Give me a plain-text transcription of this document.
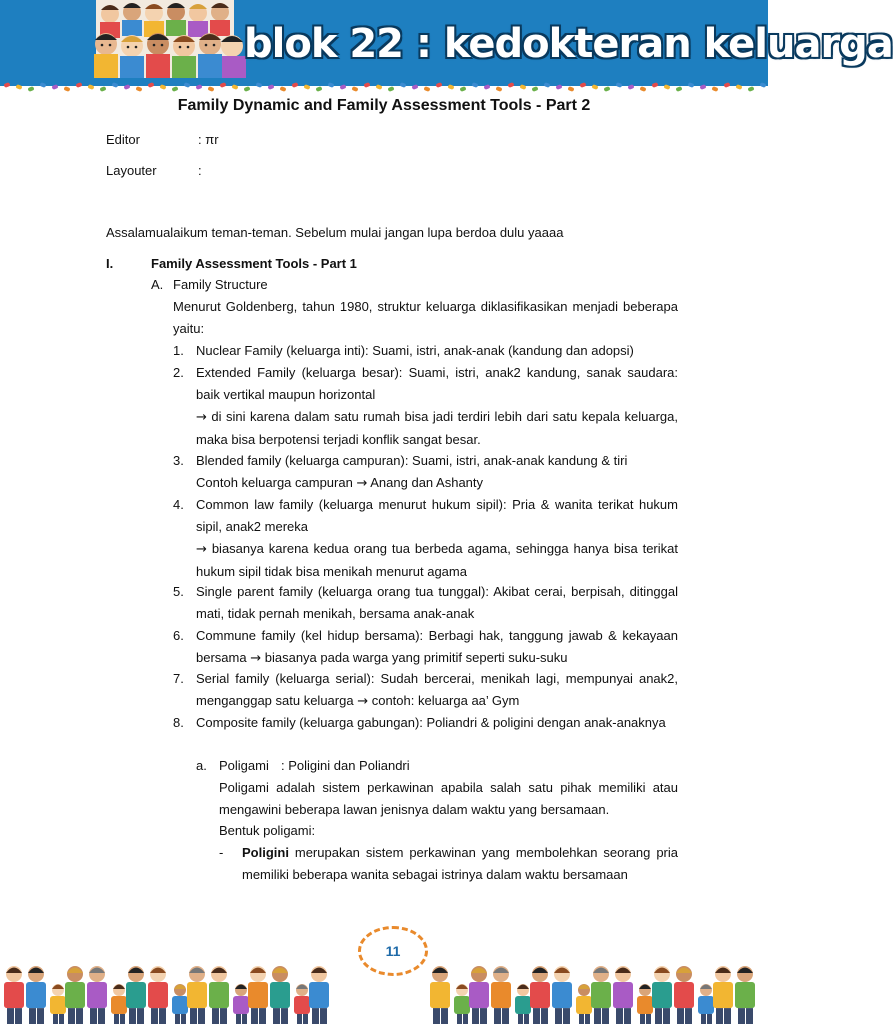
blok 22 : kedokteran keluarga
Family Dynamic and Family Assessment Tools - Part 2
Editor	: πr
Layouter	:
Assalamualaikum teman-teman. Sebelum mulai jangan lupa berdoa dulu yaaaa
I.	Family Assessment Tools - Part 1
A. Family Structure
Menurut Goldenberg, tahun 1980, struktur keluarga diklasifikasikan menjadi beberapa yaitu:
1. Nuclear Family (keluarga inti): Suami, istri, anak-anak (kandung dan adopsi)
2. Extended Family (keluarga besar): Suami, istri, anak2 kandung, sanak saudara: baik vertikal maupun horizontal
→ di sini karena dalam satu rumah bisa jadi terdiri lebih dari satu kepala keluarga, maka bisa berpotensi terjadi konflik sangat besar.
3. Blended family (keluarga campuran): Suami, istri, anak-anak kandung & tiri
Contoh keluarga campuran → Anang dan Ashanty
4. Common law family (keluarga menurut hukum sipil): Pria & wanita terikat hukum sipil, anak2 mereka
→ biasanya karena kedua orang tua berbeda agama, sehingga hanya bisa terikat hukum sipil tidak bisa menikah menurut agama
5. Single parent family (keluarga orang tua tunggal): Akibat cerai, berpisah, ditinggal mati, tidak pernah menikah, bersama anak-anak
6. Commune family (kel hidup bersama): Berbagi hak, tanggung jawab & kekayaan bersama → biasanya pada warga yang primitif seperti suku-suku
7. Serial family (keluarga serial): Sudah bercerai, menikah lagi, mempunyai anak2, menganggap satu keluarga → contoh: keluarga aa’ Gym
8. Composite family (keluarga gabungan): Poliandri & poligini dengan anak-anaknya
a. Poligami : Poligini dan Poliandri
Poligami adalah sistem perkawinan apabila salah satu pihak memiliki atau mengawini beberapa lawan jenisnya dalam waktu yang bersamaan.
Bentuk poligami:
- Poligini merupakan sistem perkawinan yang membolehkan seorang pria memiliki beberapa wanita sebagai istrinya dalam waktu bersamaan
11
